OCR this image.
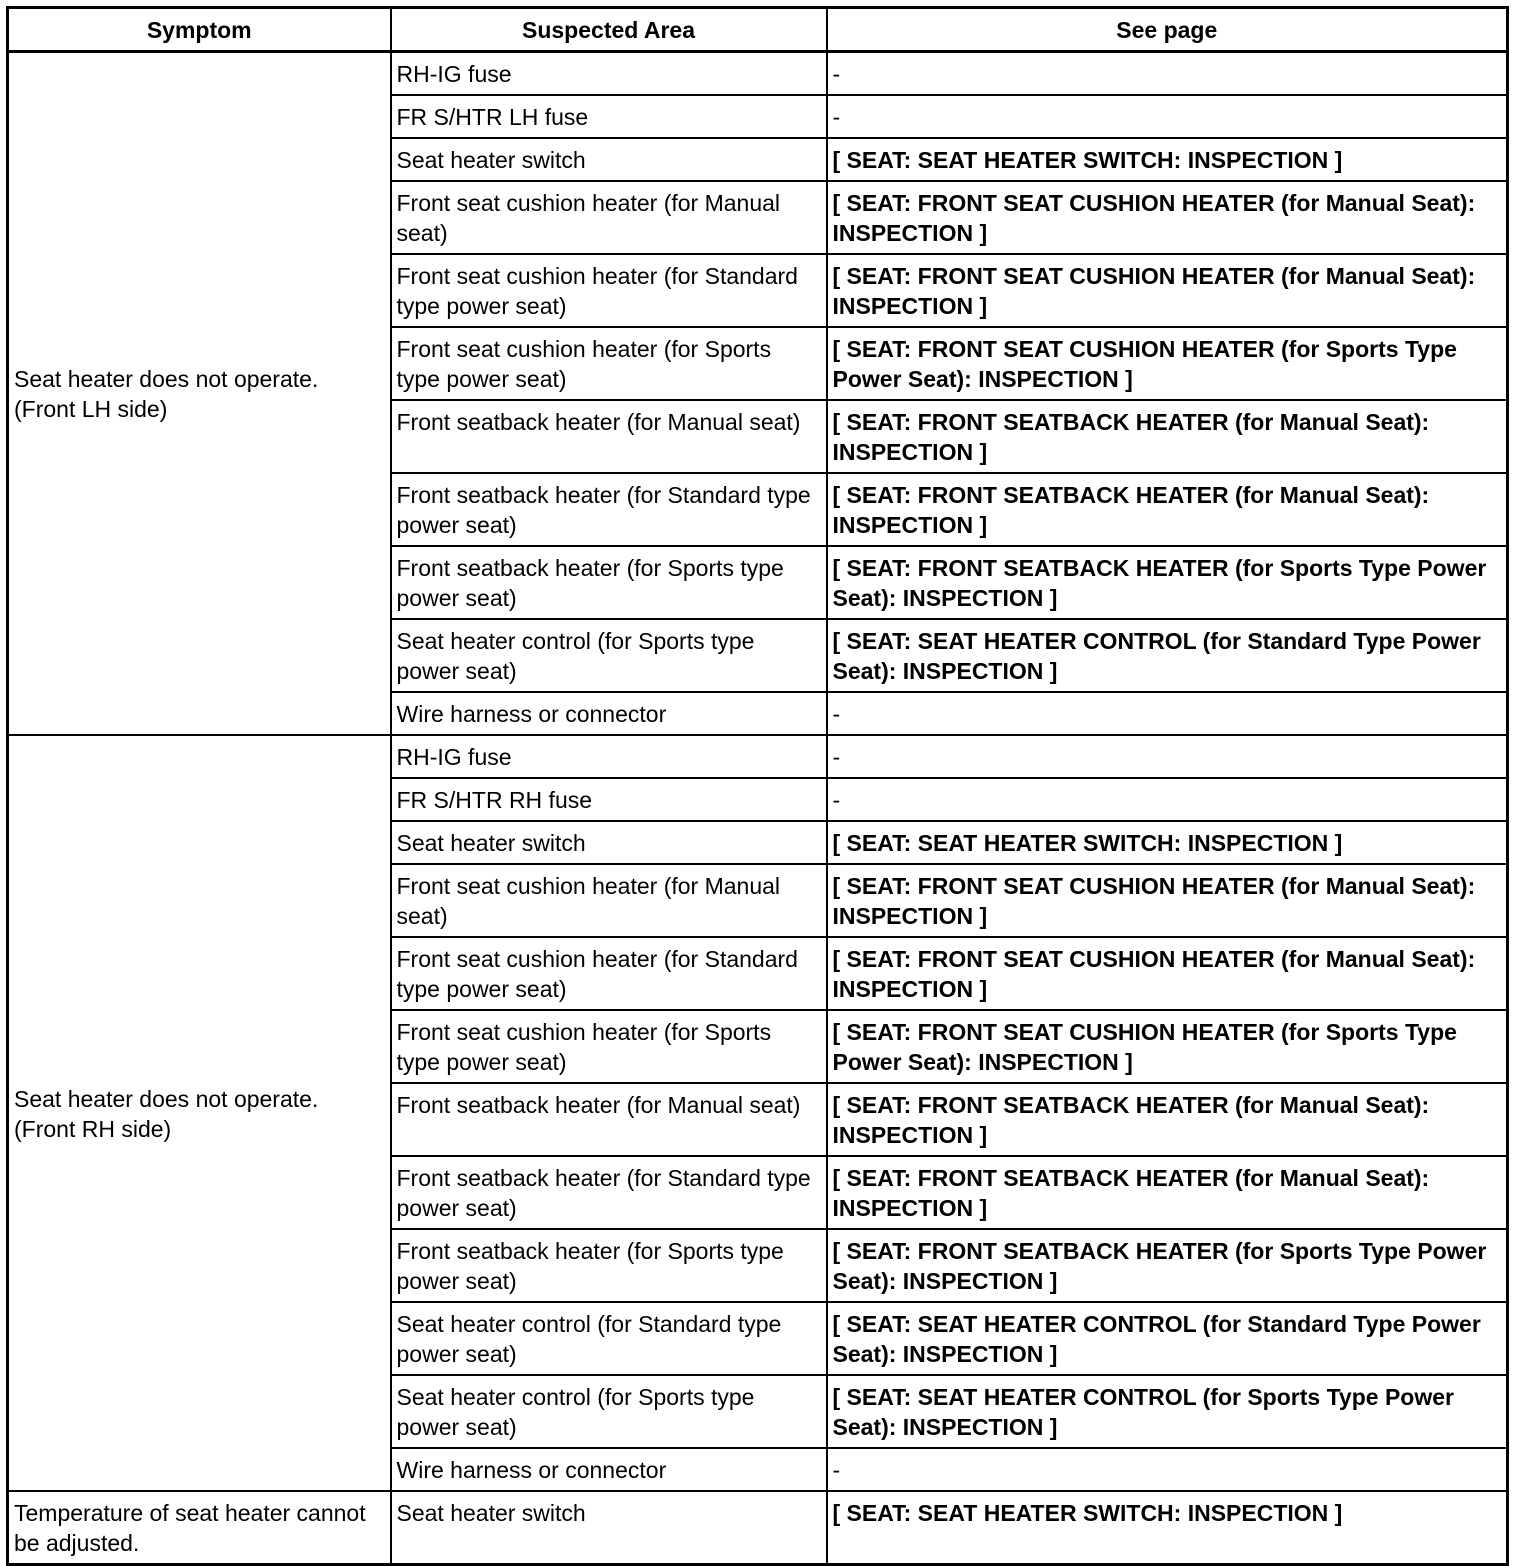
Symptom	Suspected Area	See page
Seat heater does not operate. (Front LH side)	RH-IG fuse	-
	FR S/HTR LH fuse	-
	Seat heater switch	[ SEAT: SEAT HEATER SWITCH: INSPECTION ]
	Front seat cushion heater (for Manual seat)	[ SEAT: FRONT SEAT CUSHION HEATER (for Manual Seat): INSPECTION ]
	Front seat cushion heater (for Standard type power seat)	[ SEAT: FRONT SEAT CUSHION HEATER (for Manual Seat): INSPECTION ]
	Front seat cushion heater (for Sports type power seat)	[ SEAT: FRONT SEAT CUSHION HEATER (for Sports Type Power Seat): INSPECTION ]
	Front seatback heater (for Manual seat)	[ SEAT: FRONT SEATBACK HEATER (for Manual Seat): INSPECTION ]
	Front seatback heater (for Standard type power seat)	[ SEAT: FRONT SEATBACK HEATER (for Manual Seat): INSPECTION ]
	Front seatback heater (for Sports type power seat)	[ SEAT: FRONT SEATBACK HEATER (for Sports Type Power Seat): INSPECTION ]
	Seat heater control (for Sports type power seat)	[ SEAT: SEAT HEATER CONTROL (for Standard Type Power Seat): INSPECTION ]
	Wire harness or connector	-
Seat heater does not operate. (Front RH side)	RH-IG fuse	-
	FR S/HTR RH fuse	-
	Seat heater switch	[ SEAT: SEAT HEATER SWITCH: INSPECTION ]
	Front seat cushion heater (for Manual seat)	[ SEAT: FRONT SEAT CUSHION HEATER (for Manual Seat): INSPECTION ]
	Front seat cushion heater (for Standard type power seat)	[ SEAT: FRONT SEAT CUSHION HEATER (for Manual Seat): INSPECTION ]
	Front seat cushion heater (for Sports type power seat)	[ SEAT: FRONT SEAT CUSHION HEATER (for Sports Type Power Seat): INSPECTION ]
	Front seatback heater (for Manual seat)	[ SEAT: FRONT SEATBACK HEATER (for Manual Seat): INSPECTION ]
	Front seatback heater (for Standard type power seat)	[ SEAT: FRONT SEATBACK HEATER (for Manual Seat): INSPECTION ]
	Front seatback heater (for Sports type power seat)	[ SEAT: FRONT SEATBACK HEATER (for Sports Type Power Seat): INSPECTION ]
	Seat heater control (for Standard type power seat)	[ SEAT: SEAT HEATER CONTROL (for Standard Type Power Seat): INSPECTION ]
	Seat heater control (for Sports type power seat)	[ SEAT: SEAT HEATER CONTROL (for Sports Type Power Seat): INSPECTION ]
	Wire harness or connector	-
Temperature of seat heater cannot be adjusted.	Seat heater switch	[ SEAT: SEAT HEATER SWITCH: INSPECTION ]
